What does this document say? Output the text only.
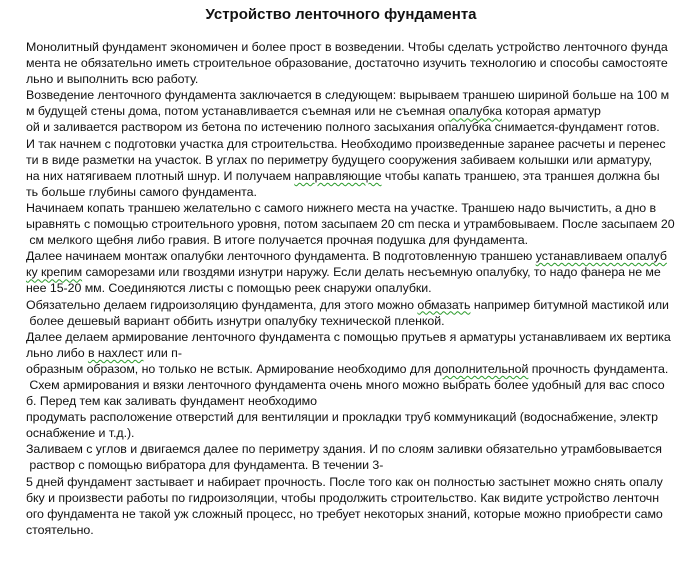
Устройство ленточного фундамента
Монолитный фундамент экономичен и более прост в возведении. Чтобы сделать устройство ленточного фунда
мента не обязательно иметь строительное образование, достаточно изучить технологию и способы самостояте
льно и выполнить всю работу.
Возведение ленточного фундамента заключается в следующем: вырываем траншею шириной больше на 100 м
м будущей стены дома, потом устанавливается съемная или не съемная опалубка которая арматур
ой и заливается раствором из бетона по истечению полного засыхания опалубка снимается-фундамент готов.
И так начнем с подготовки участка для строительства. Необходимо произведенные заранее расчеты и перенес
ти в виде разметки на участок. В углах по периметру будущего сооружения забиваем колышки или арматуру,
на них натягиваем плотный шнур. И получаем направляющие чтобы капать траншею, эта траншея должна бы
ть больше глубины самого фундамента.
Начинаем копать траншею желательно с самого нижнего места на участке. Траншею надо вычистить, а дно в
ыравнять с помощью строительного уровня, потом засыпаем 20 cm песка и утрамбовываем. После засыпаем 20
см мелкого щебня либо гравия. В итоге получается прочная подушка для фундамента.
Далее начинаем монтаж опалубки ленточного фундамента. В подготовленную траншею устанавливаем опалуб
ку крепим саморезами или гвоздями изнутри наружу. Если делать несъемную опалубку, то надо фанера не ме
нее 15-20 мм. Соединяются листы с помощью реек снаружи опалубки.
Обязательно делаем гидроизоляцию фундамента, для этого можно обмазать например битумной мастикой или
более дешевый вариант оббить изнутри опалубку технической пленкой.
Далее делаем армирование ленточного фундамента с помощью прутьев я арматуры устанавливаем их вертика
льно либо в нахлест или п-
образным образом, но только не встык. Армирование необходимо для дополнительной прочность фундамента.
Схем армирования и вязки ленточного фундамента очень много можно выбрать более удобный для вас спосо
б. Перед тем как заливать фундамент необходимо
продумать расположение отверстий для вентиляции и прокладки труб коммуникаций (водоснабжение, электр
оснабжение и т.д.).
Заливаем с углов и двигаемся далее по периметру здания. И по слоям заливки обязательно утрамбовывается
раствор с помощью вибратора для фундамента. В течении 3-
5 дней фундамент застывает и набирает прочность. После того как он полностью застынет можно снять опалу
бку и произвести работы по гидроизоляции, чтобы продолжить строительство. Как видите устройство ленточн
ого фундамента не такой уж сложный процесс, но требует некоторых знаний, которые можно приобрести само
стоятельно.
